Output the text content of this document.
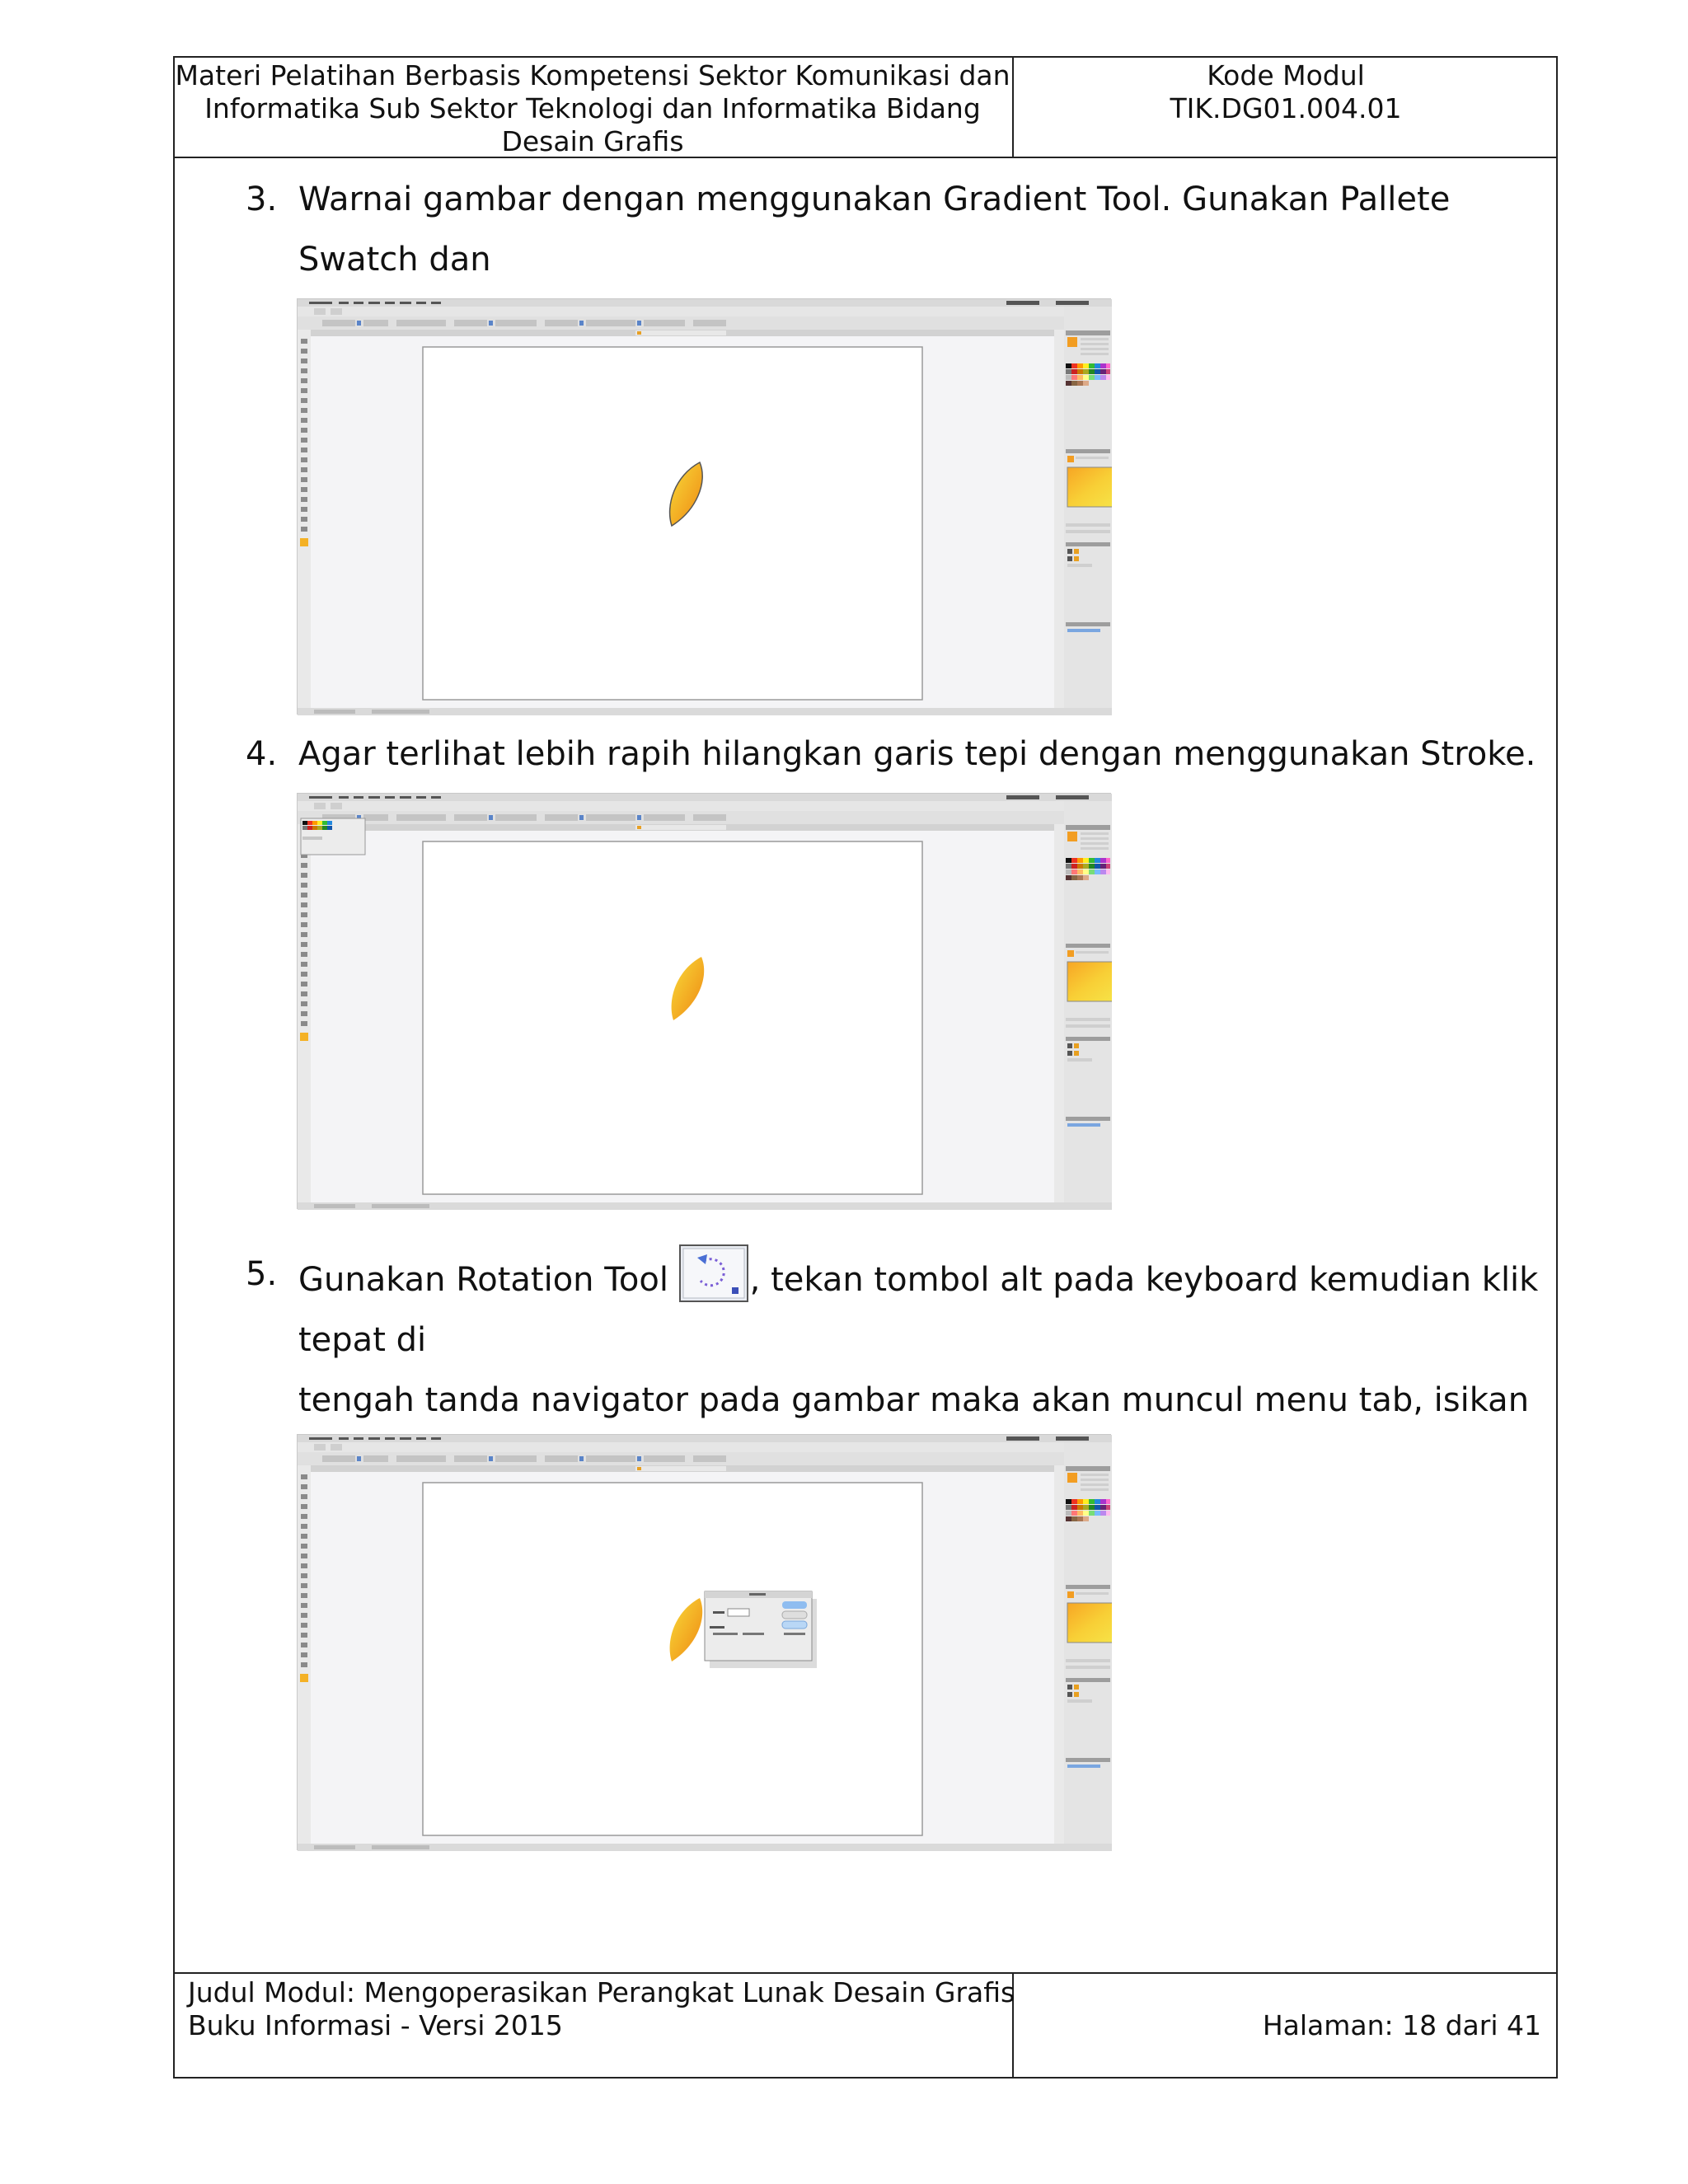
Materi Pelatihan Berbasis Kompetensi Sektor Komunikasi dan
Informatika Sub Sektor Teknologi dan Informatika Bidang
Desain Grafis
Kode Modul
TIK.DG01.004.01
3. Warnai gambar dengan menggunakan Gradient Tool. Gunakan Pallete Swatch dan
4. Agar terlihat lebih rapih hilangkan garis tepi dengan menggunakan Stroke.
5. Gunakan Rotation Tool , tekan tombol alt pada keyboard kemudian klik tepat di
tengah tanda navigator pada gambar maka akan muncul menu tab, isikan
Judul Modul: Mengoperasikan Perangkat Lunak Desain Grafis
Buku Informasi - Versi 2015	Halaman: 18 dari 41
